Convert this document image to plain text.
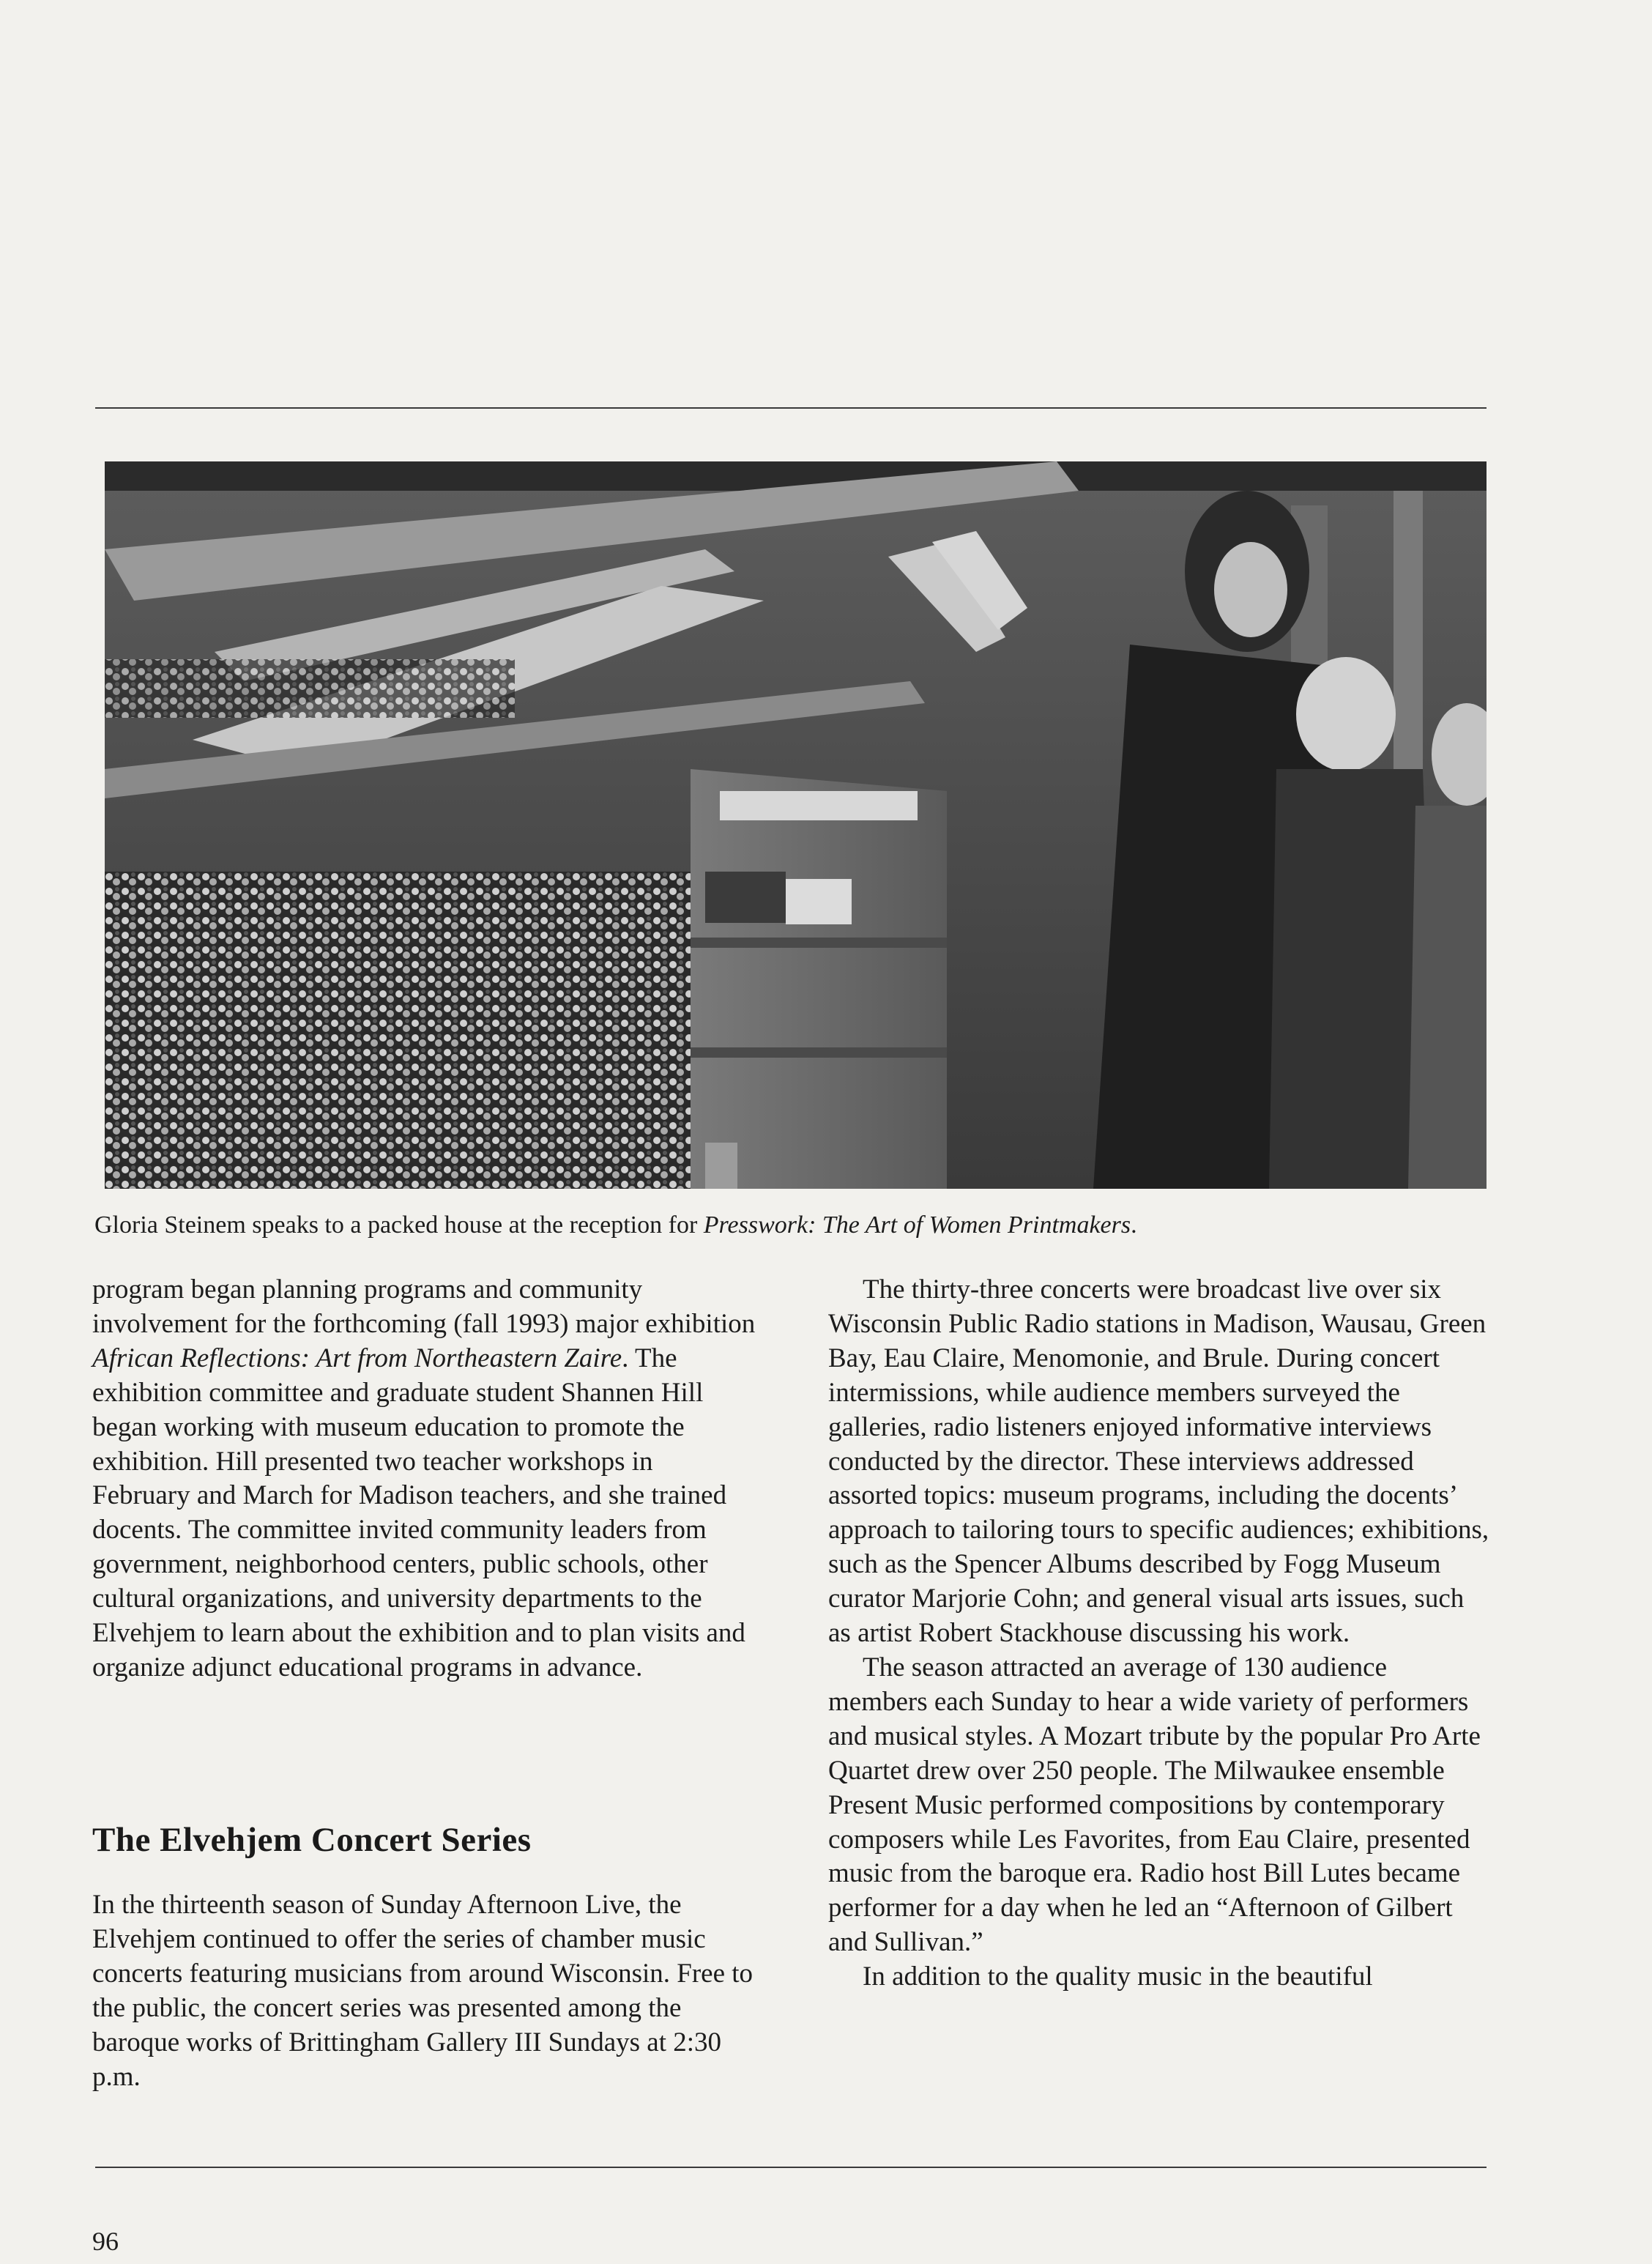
Gloria Steinem speaks to a packed house at the reception for Presswork: The Art of Women Printmakers.

program began planning programs and community involvement for the forthcoming (fall 1993) major exhibition African Reflections: Art from Northeastern Zaire. The exhibition committee and graduate student Shannen Hill began working with museum education to promote the exhibition. Hill presented two teacher workshops in February and March for Madison teachers, and she trained docents. The committee invited community leaders from government, neighborhood centers, public schools, other cultural organizations, and university departments to the Elvehjem to learn about the exhibition and to plan visits and organize adjunct educational programs in advance.

The Elvehjem Concert Series

In the thirteenth season of Sunday Afternoon Live, the Elvehjem continued to offer the series of chamber music concerts featuring musicians from around Wisconsin. Free to the public, the concert series was presented among the baroque works of Brittingham Gallery III Sundays at 2:30 p.m.

The thirty-three concerts were broadcast live over six Wisconsin Public Radio stations in Madison, Wausau, Green Bay, Eau Claire, Menomonie, and Brule. During concert intermissions, while audience members surveyed the galleries, radio listeners enjoyed informative interviews conducted by the director. These interviews addressed assorted topics: museum programs, including the docents’ approach to tailoring tours to specific audiences; exhibitions, such as the Spencer Albums described by Fogg Museum curator Marjorie Cohn; and general visual arts issues, such as artist Robert Stackhouse discussing his work.

The season attracted an average of 130 audience members each Sunday to hear a wide variety of performers and musical styles. A Mozart tribute by the popular Pro Arte Quartet drew over 250 people. The Milwaukee ensemble Present Music performed compositions by contemporary composers while Les Favorites, from Eau Claire, presented music from the baroque era. Radio host Bill Lutes became performer for a day when he led an “Afternoon of Gilbert and Sullivan.”

In addition to the quality music in the beautiful

96
